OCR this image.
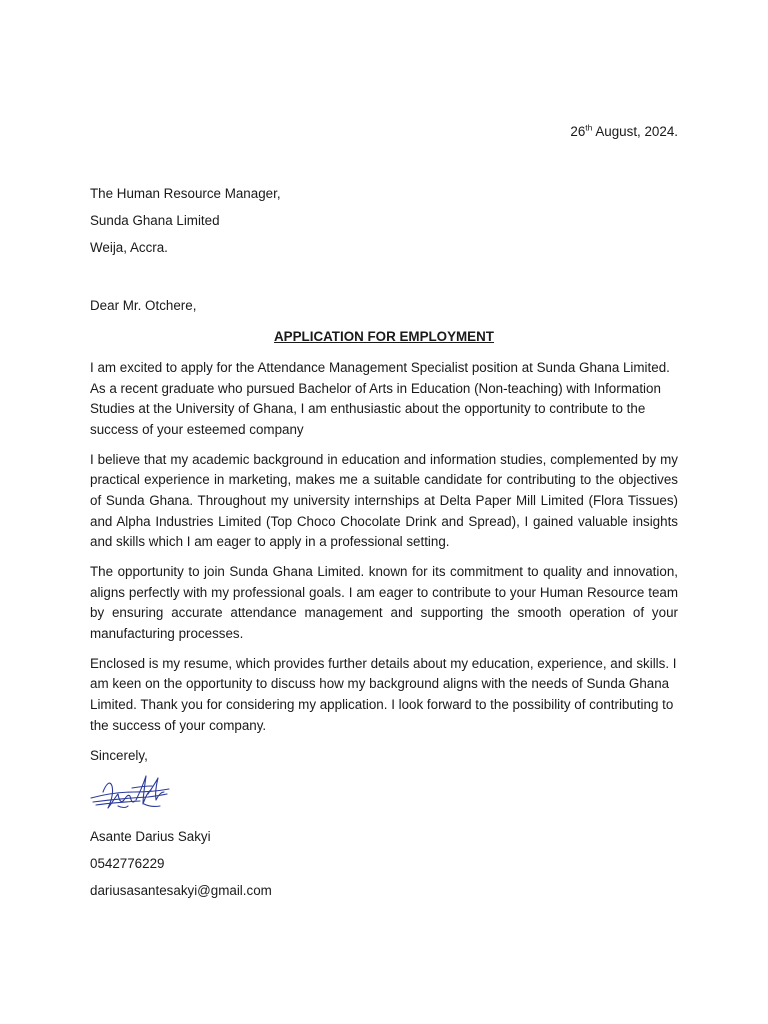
26th August, 2024.
The Human Resource Manager,
Sunda Ghana Limited
Weija, Accra.
Dear Mr. Otchere,
APPLICATION FOR EMPLOYMENT

I am excited to apply for the Attendance Management Specialist position at Sunda Ghana Limited. As a recent graduate who pursued Bachelor of Arts in Education (Non-teaching) with Information Studies at the University of Ghana, I am enthusiastic about the opportunity to contribute to the success of your esteemed company

I believe that my academic background in education and information studies, complemented by my practical experience in marketing, makes me a suitable candidate for contributing to the objectives of Sunda Ghana. Throughout my university internships at Delta Paper Mill Limited (Flora Tissues) and Alpha Industries Limited (Top Choco Chocolate Drink and Spread), I gained valuable insights and skills which I am eager to apply in a professional setting.

The opportunity to join Sunda Ghana Limited. known for its commitment to quality and innovation, aligns perfectly with my professional goals. I am eager to contribute to your Human Resource team by ensuring accurate attendance management and supporting the smooth operation of your manufacturing processes.

Enclosed is my resume, which provides further details about my education, experience, and skills. I am keen on the opportunity to discuss how my background aligns with the needs of Sunda Ghana Limited. Thank you for considering my application. I look forward to the possibility of contributing to the success of your company.

Sincerely,
Asante Darius Sakyi
0542776229
dariusasantesakyi@gmail.com
